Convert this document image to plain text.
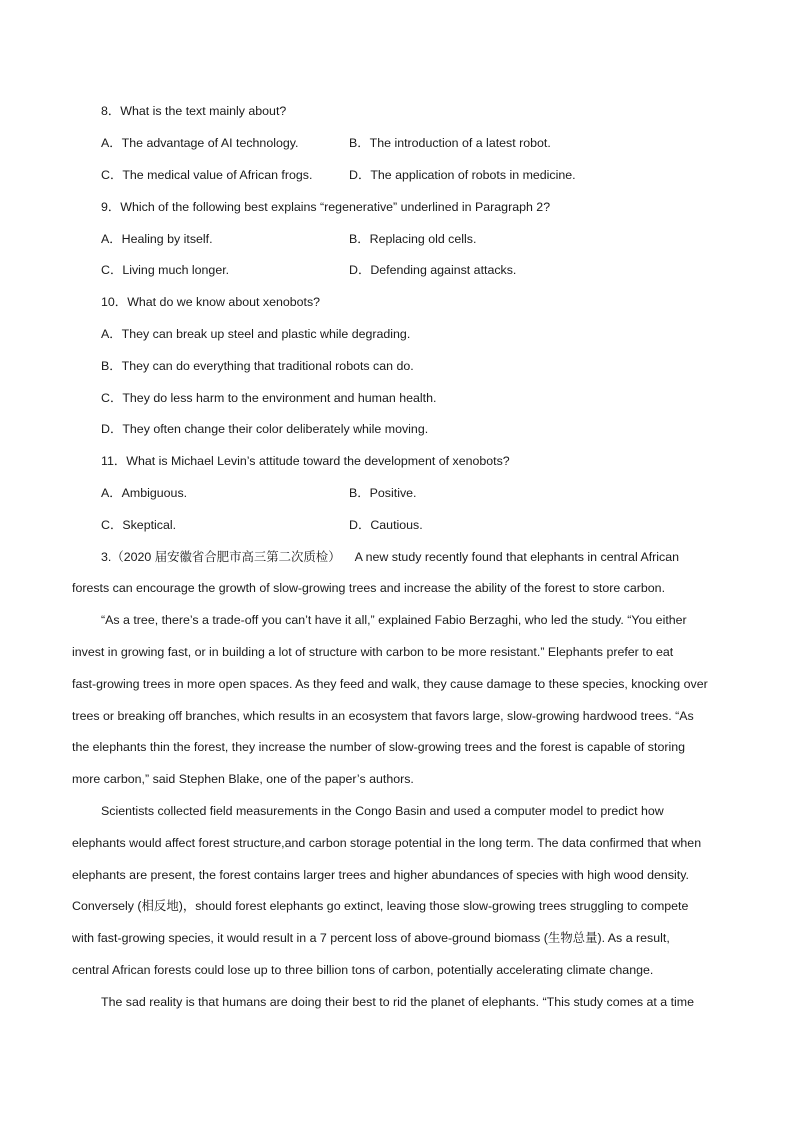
8．What is the text mainly about?
A．The advantage of AI technology.	B．The introduction of a latest robot.
C．The medical value of African frogs.	D．The application of robots in medicine.
9．Which of the following best explains “regenerative” underlined in Paragraph 2?
A．Healing by itself.	B．Replacing old cells.
C．Living much longer.	D．Defending against attacks.
10．What do we know about xenobots?
A．They can break up steel and plastic while degrading.
B．They can do everything that traditional robots can do.
C．They do less harm to the environment and human health.
D．They often change their color deliberately while moving.
11．What is Michael Levin’s attitude toward the development of xenobots?
A．Ambiguous.	B．Positive.
C．Skeptical.	D．Cautious.
3.（2020 届安徽省合肥市高三第二次质检） A new study recently found that elephants in central African
forests can encourage the growth of slow-growing trees and increase the ability of the forest to store carbon.
“As a tree, there’s a trade-off you can’t have it all,” explained Fabio Berzaghi, who led the study. “You either
invest in growing fast, or in building a lot of structure with carbon to be more resistant.” Elephants prefer to eat
fast-growing trees in more open spaces. As they feed and walk, they cause damage to these species, knocking over
trees or breaking off branches, which results in an ecosystem that favors large, slow-growing hardwood trees. “As
the elephants thin the forest, they increase the number of slow-growing trees and the forest is capable of storing
more carbon,” said Stephen Blake, one of the paper’s authors.
Scientists collected field measurements in the Congo Basin and used a computer model to predict how
elephants would affect forest structure,and carbon storage potential in the long term. The data confirmed that when
elephants are present, the forest contains larger trees and higher abundances of species with high wood density.
Conversely (相反地)，should forest elephants go extinct, leaving those slow-growing trees struggling to compete
with fast-growing species, it would result in a 7 percent loss of above-ground biomass (生物总量). As a result,
central African forests could lose up to three billion tons of carbon, potentially accelerating climate change.
The sad reality is that humans are doing their best to rid the planet of elephants. “This study comes at a time
